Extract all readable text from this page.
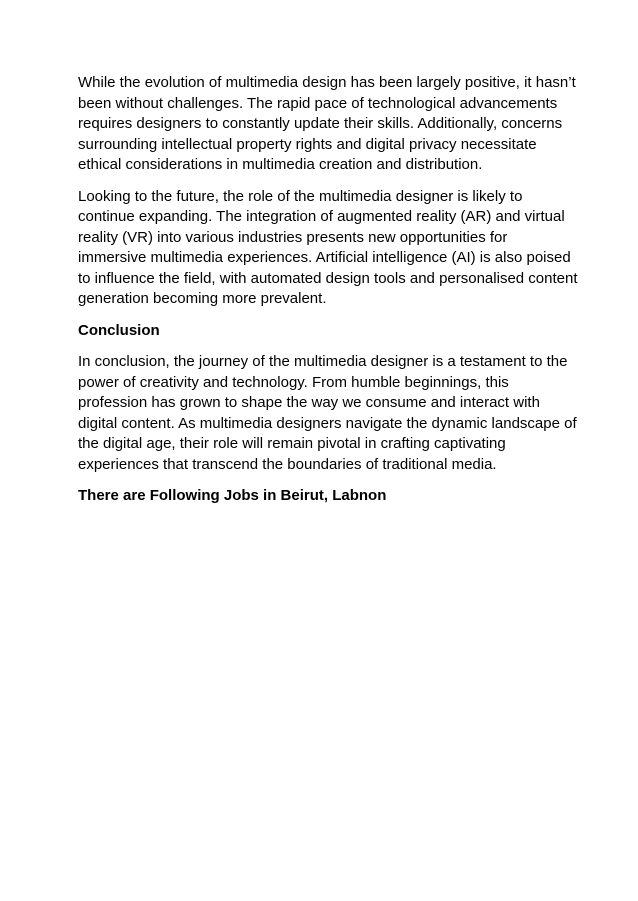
While the evolution of multimedia design has been largely positive, it hasn’t
been without challenges. The rapid pace of technological advancements
requires designers to constantly update their skills. Additionally, concerns
surrounding intellectual property rights and digital privacy necessitate
ethical considerations in multimedia creation and distribution.

Looking to the future, the role of the multimedia designer is likely to
continue expanding. The integration of augmented reality (AR) and virtual
reality (VR) into various industries presents new opportunities for
immersive multimedia experiences. Artificial intelligence (AI) is also poised
to influence the field, with automated design tools and personalised content
generation becoming more prevalent.

Conclusion

In conclusion, the journey of the multimedia designer is a testament to the
power of creativity and technology. From humble beginnings, this
profession has grown to shape the way we consume and interact with
digital content. As multimedia designers navigate the dynamic landscape of
the digital age, their role will remain pivotal in crafting captivating
experiences that transcend the boundaries of traditional media.

There are Following Jobs in Beirut, Labnon
